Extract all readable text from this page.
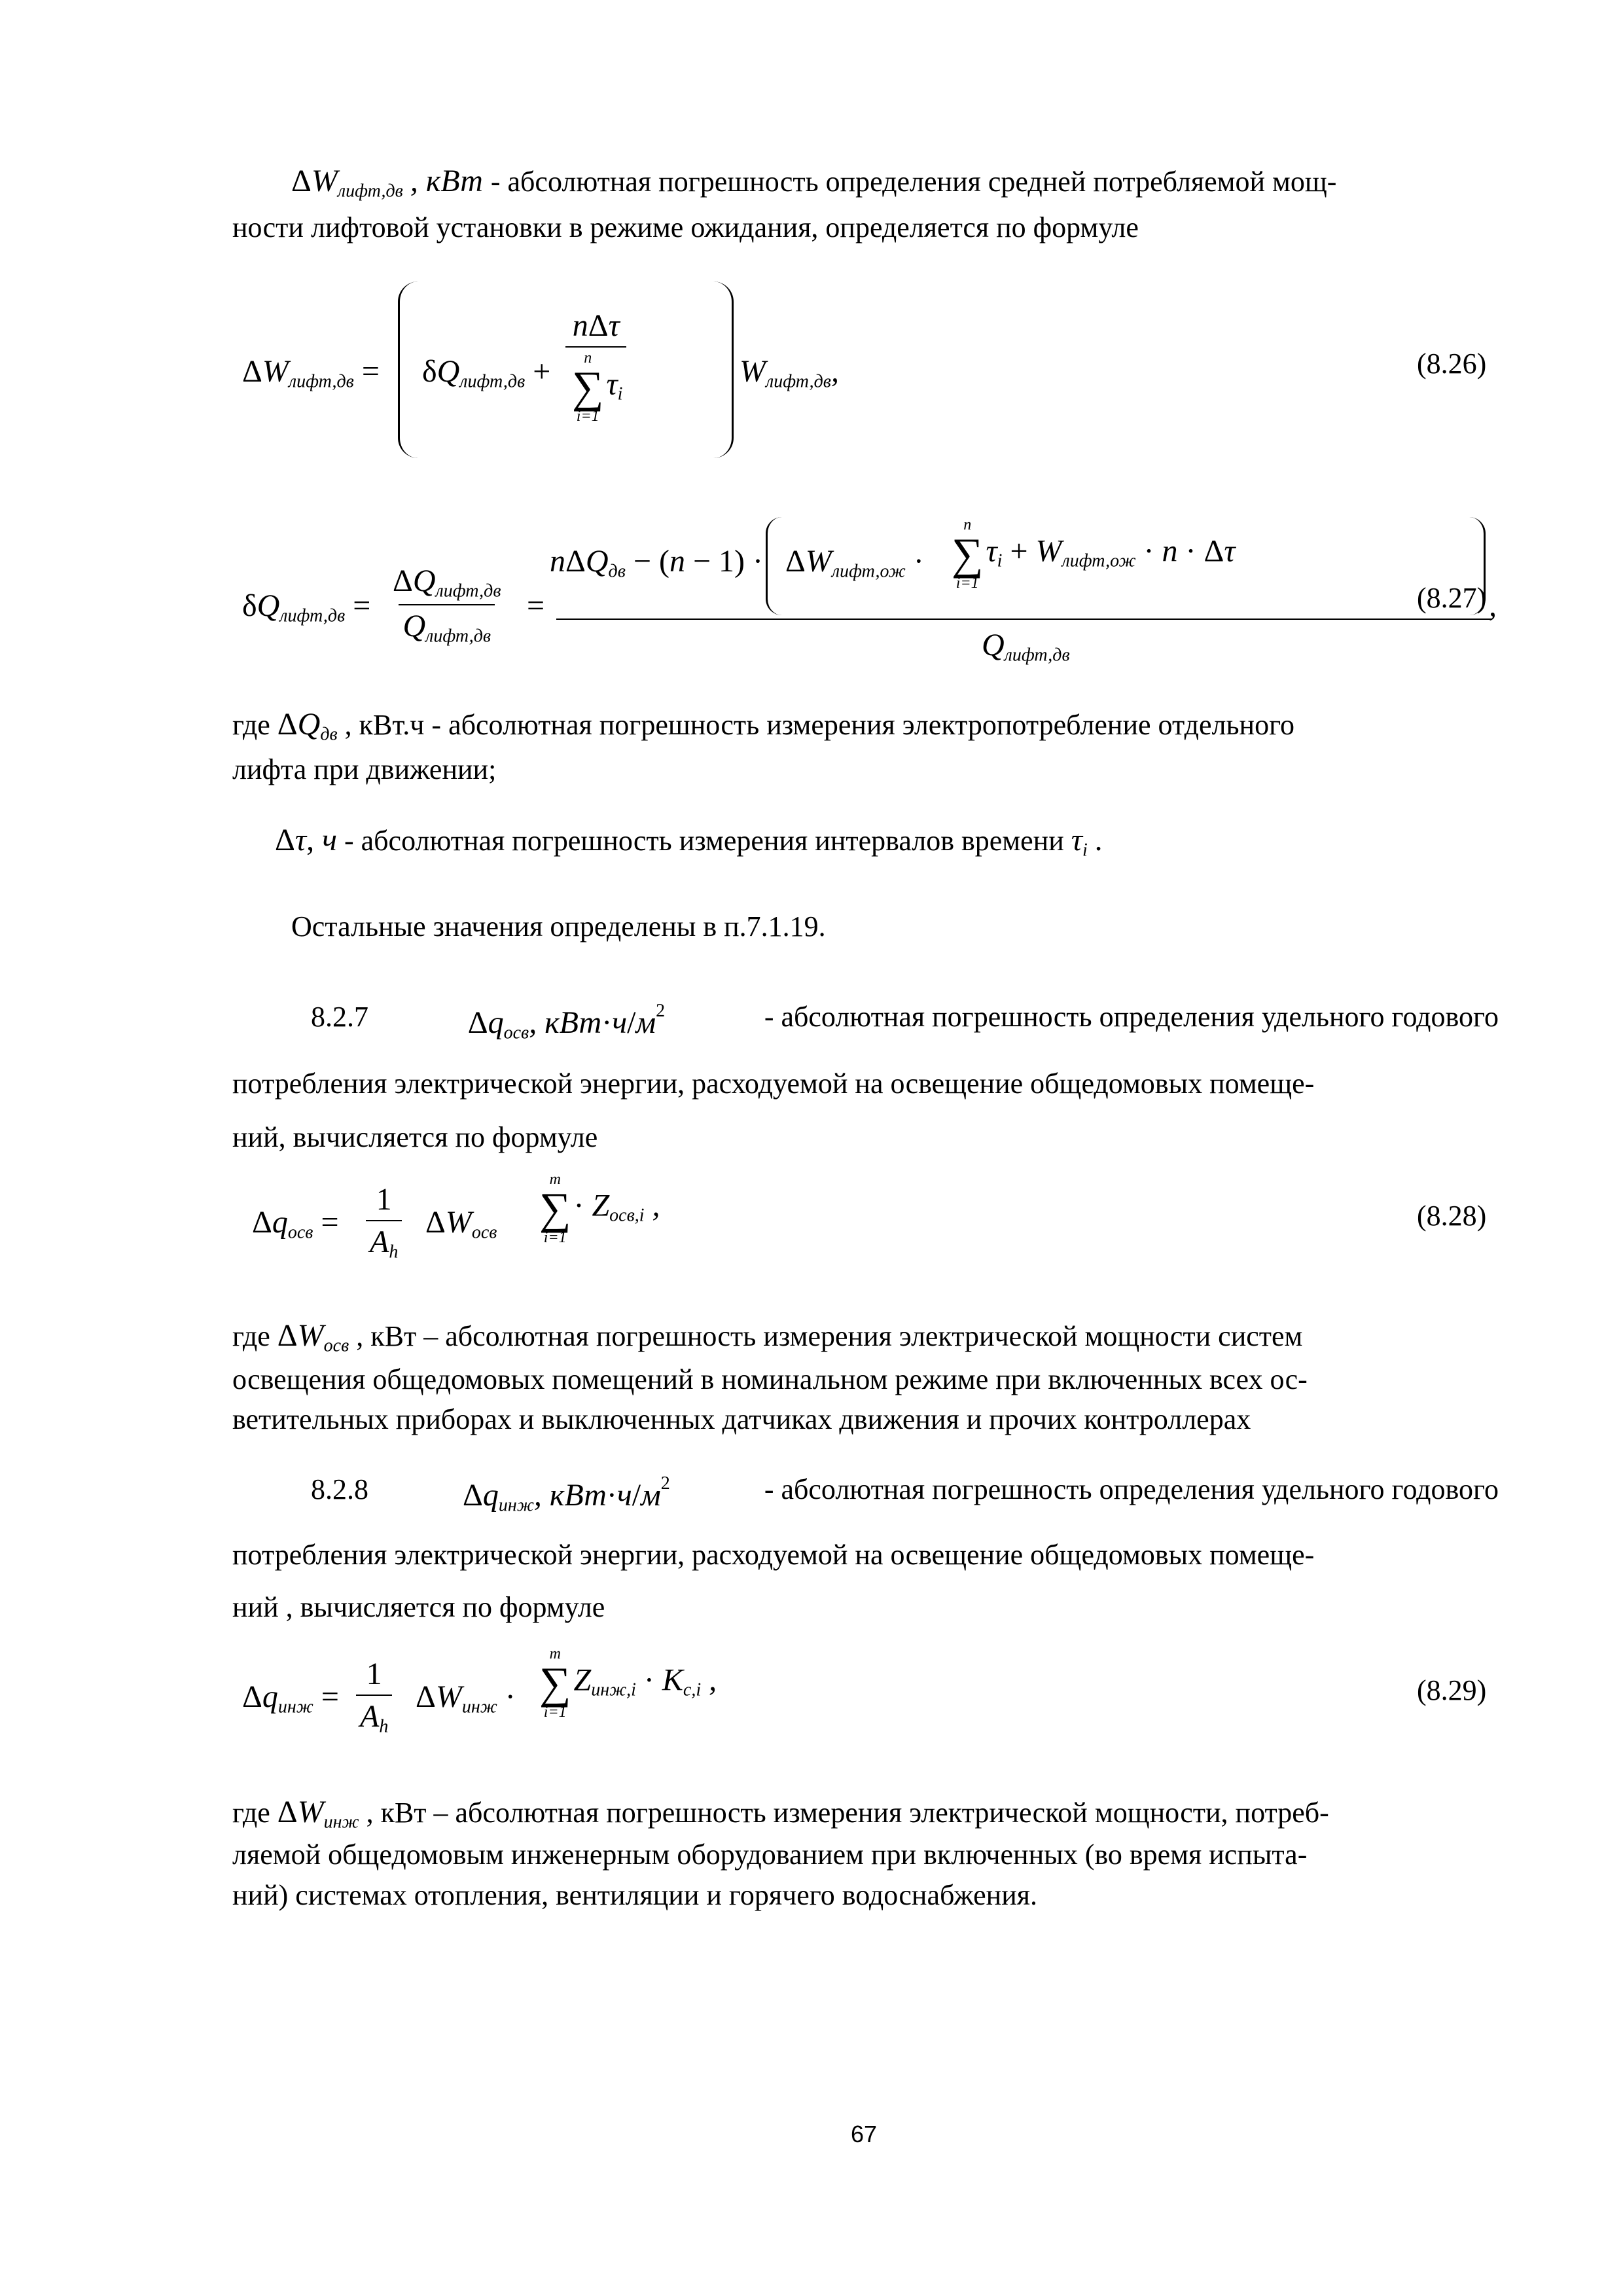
$\Delta W_{лифт,дв}$ , кВт - абсолютная погрешность определения средней потребляемой мощ-
ности лифтовой установки в режиме ожидания, определяется по формуле
$\Delta W_{лифт,дв} = \delta Q_{лифт,дв} + n\Delta\tau$
n
∑
i=1
$\tau_i$	$W_{лифт,дв}$,	(8.26)
$\delta Q_{лифт,дв} = \frac{\Delta Q_{лифт,дв}}{Q_{лифт,дв}}$ =
$n\Delta Q_{дв} - (n - 1) \cdot \Delta W_{лифт,ож}$ ·
n
∑
i=1
$\tau_i + W_{лифт,ож} \cdot n \cdot \Delta\tau$
,
$Q_{лифт,дв}$
(8.27)
где $\Delta Q_{дв}$ , кВт.ч - абсолютная погрешность измерения электропотребление отдельного
лифта при движении;
Δτ, ч - абсолютная погрешность измерения интервалов времени $\tau_i$ .
Остальные значения определены в п.7.1.19.
8.2.7	$\Delta q_{осв}$, $кВт\cdot ч/м^2$	- абсолютная погрешность определения удельного годового
потребления электрической энергии, расходуемой на освещение общедомовых помеще-
ний, вычисляется по формуле
$\Delta q_{осв} = \frac{1}{A_h} \Delta W_{осв}$
m
∑
i=1
· $Z_{осв,i}$ ,	(8.28)
где $\Delta W_{осв}$ , кВт – абсолютная погрешность измерения электрической мощности систем
освещения общедомовых помещений в номинальном режиме при включенных всех ос-
ветительных приборах и выключенных датчиках движения и прочих контроллерах
8.2.8	$\Delta q_{инж}$, $кВт\cdot ч/м^2$	- абсолютная погрешность определения удельного годового
потребления электрической энергии, расходуемой на освещение общедомовых помеще-
ний , вычисляется по формуле
$\Delta q_{инж} = \frac{1}{A_h} \Delta W_{инж}$ ·
m
∑
i=1
$Z_{инж,i} \cdot K_{c,i}$ ,	(8.29)
где $\Delta W_{инж}$ , кВт – абсолютная погрешность измерения электрической мощности, потреб-
ляемой общедомовым инженерным оборудованием при включенных (во время испыта-
ний) системах отопления, вентиляции и горячего водоснабжения.
67
